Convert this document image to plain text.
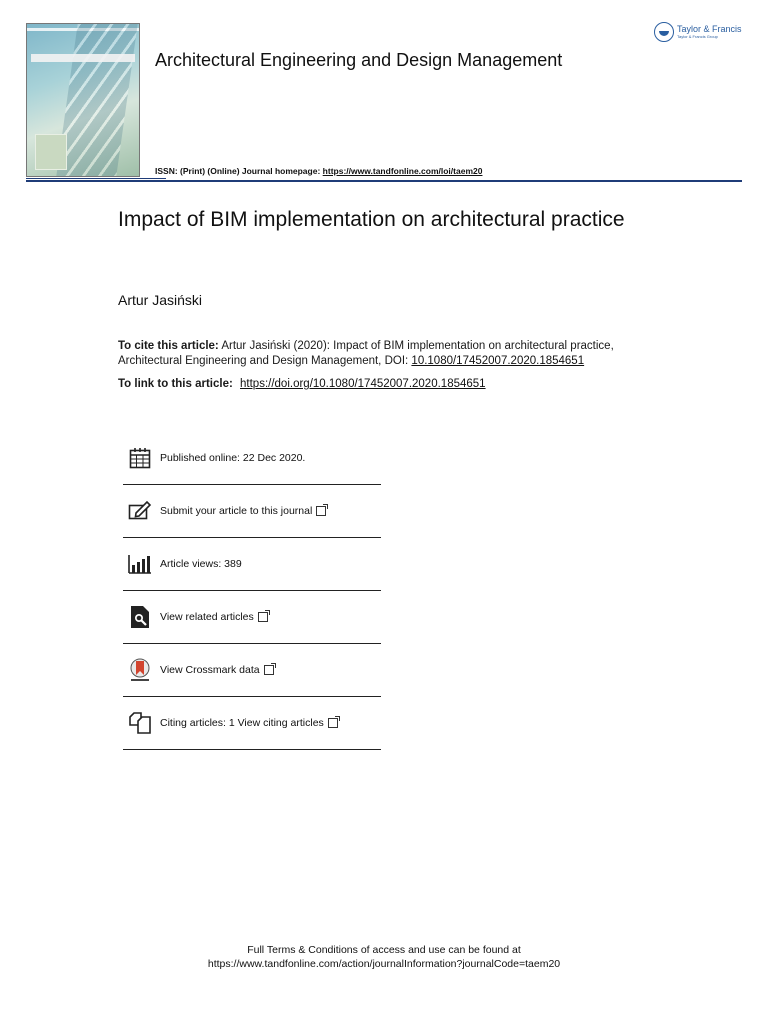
Architectural Engineering and Design Management
Taylor & Francis
Taylor & Francis Group
ISSN: (Print) (Online) Journal homepage: https://www.tandfonline.com/loi/taem20
Impact of BIM implementation on architectural practice
Artur Jasiński
To cite this article: Artur Jasiński (2020): Impact of BIM implementation on architectural practice, Architectural Engineering and Design Management, DOI: 10.1080/17452007.2020.1854651
To link to this article: https://doi.org/10.1080/17452007.2020.1854651
Published online: 22 Dec 2020.
Submit your article to this journal
Article views: 389
View related articles
View Crossmark data
Citing articles: 1 View citing articles
Full Terms & Conditions of access and use can be found at
https://www.tandfonline.com/action/journalInformation?journalCode=taem20
